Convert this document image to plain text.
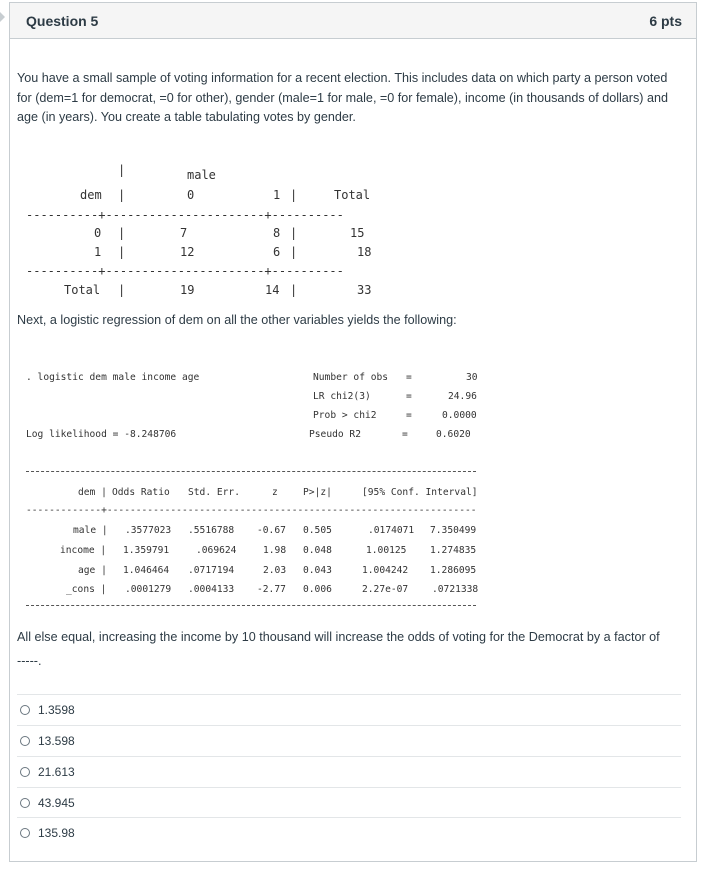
Question 5	6 pts
You have a small sample of voting information for a recent election. This includes data on which party a person voted for (dem=1 for democrat, =0 for other), gender (male=1 for male, =0 for female), income (in thousands of dollars) and age (in years). You create a table tabulating votes by gender.
|	male
dem |	0	1 |	Total
----------+----------------------+----------
0 |	7	8 |	15
1 |	12	6 |	18
----------+----------------------+----------
Total |	19	14 |	33
Next, a logistic regression of dem on all the other variables yields the following:
. logistic dem male income age	Number of obs =	30
LR chi2(3)	=	24.96
Prob > chi2	=	0.0000
Log likelihood = -8.248706	Pseudo R2	=	0.6020
dem | Odds Ratio Std. Err.	z	P>|z|	[95% Conf. Interval]
-------------+----------------------------------------------------------------
male | .3577023 .5516788 -0.67 0.505	.0174071 7.350499
income | 1.359791	.069624	1.98 0.048	1.00125 1.274835
age | 1.046464 .0717194	2.03 0.043	1.004242 1.286095
_cons | .0001279 .0004133 -2.77 0.006	2.27e-07 .0721338
All else equal, increasing the income by 10 thousand will increase the odds of voting for the Democrat by a factor of
-----.
1.3598
13.598
21.613
43.945
135.98
